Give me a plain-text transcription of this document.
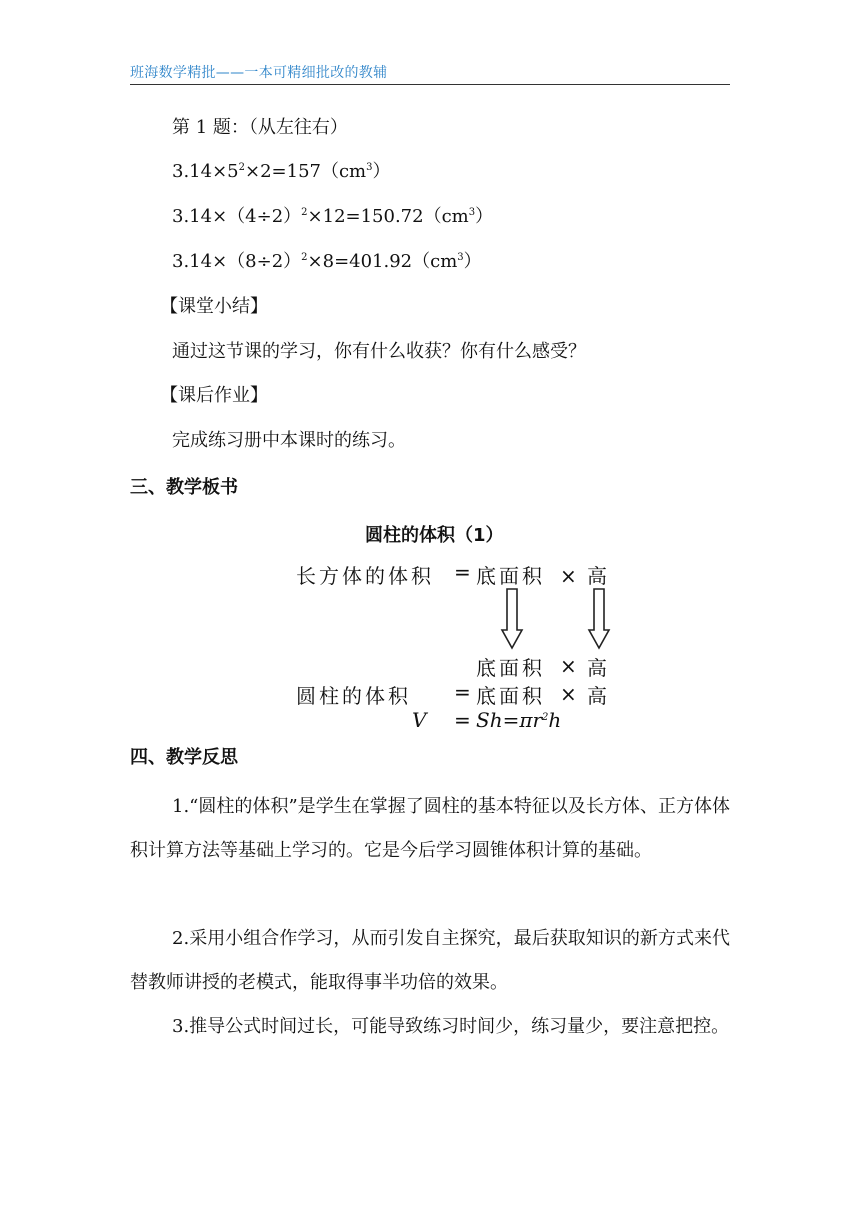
班海数学精批——一本可精细批改的教辅
第 1 题：（从左往右）
$3.14\times 5^2\times 2=157(cm^3)$
$3.14\times(4\div 2)^2\times 12=150.72(cm^3)$
$3.14\times(8\div 2)^2\times 8=401.92(cm^3)$
【课堂小结】
通过这节课的学习，你有什么收获？你有什么感受？
【课后作业】
完成练习册中本课时的练习。
三、教学板书
圆柱的体积（1）
长方体的体积 = 底面积 × 高
底面积 × 高
圆柱的体积 = 底面积 × 高
$V = Sh=\pi r^2h$
四、教学反思
1.“圆柱的体积”是学生在掌握了圆柱的基本特征以及长方体、正方体体积计算方法等基础上学习的。它是今后学习圆锥体积计算的基础。
2.采用小组合作学习，从而引发自主探究，最后获取知识的新方式来代替教师讲授的老模式，能取得事半功倍的效果。
3.推导公式时间过长，可能导致练习时间少，练习量少，要注意把控。
